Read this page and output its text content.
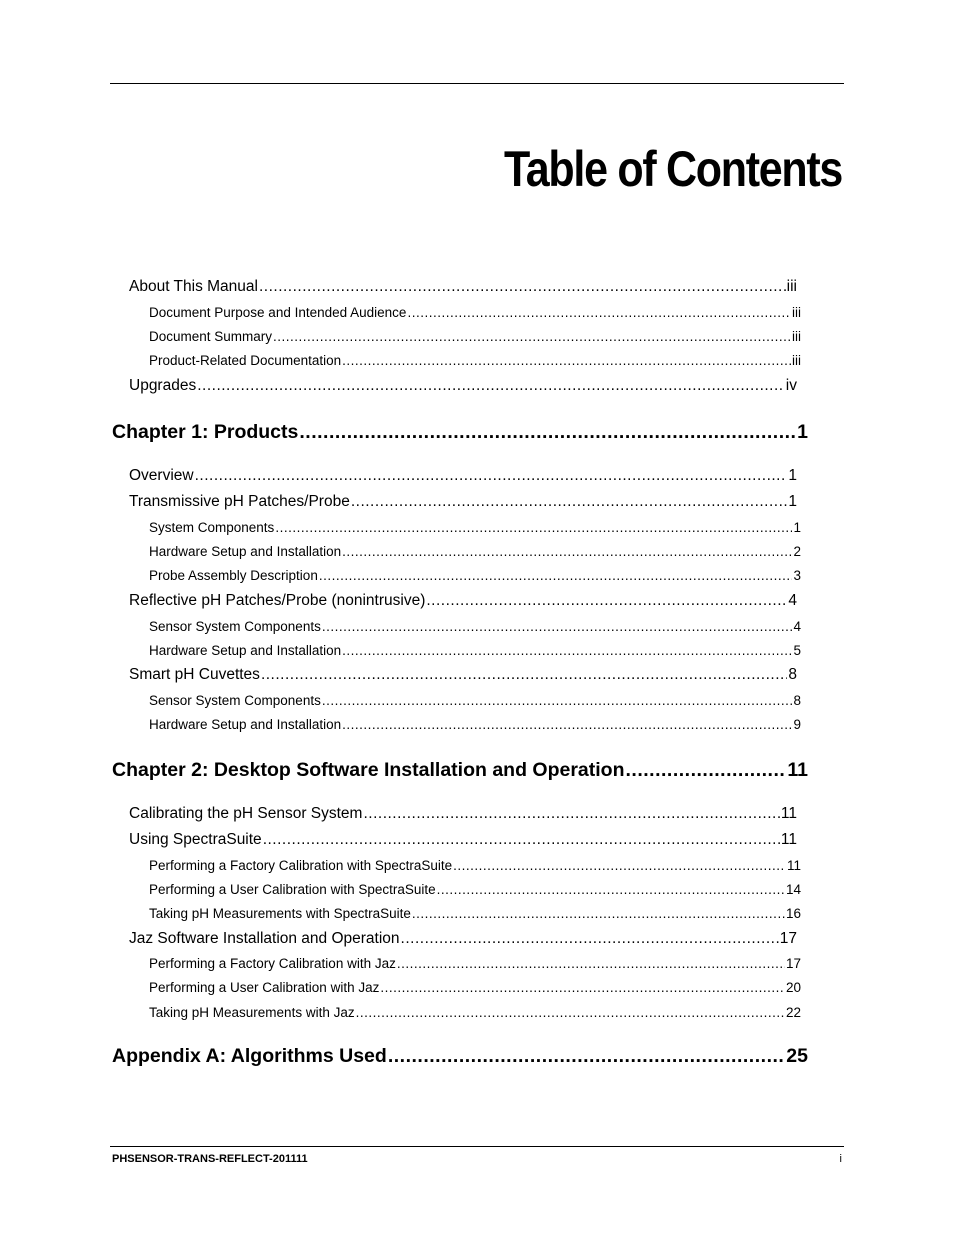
Table of Contents
About This Manual .....	iii
Document Purpose and Intended Audience .....	iii
Document Summary .....	iii
Product-Related Documentation .....	iii
Upgrades .....	iv
Chapter 1: Products .....	1
Overview .....	1
Transmissive pH Patches/Probe .....	1
System Components .....	1
Hardware Setup and Installation .....	2
Probe Assembly Description .....	3
Reflective pH Patches/Probe (nonintrusive) .....	4
Sensor System Components .....	4
Hardware Setup and Installation .....	5
Smart pH Cuvettes .....	8
Sensor System Components .....	8
Hardware Setup and Installation .....	9
Chapter 2: Desktop Software Installation and Operation .....	11
Calibrating the pH Sensor System .....	11
Using SpectraSuite .....	11
Performing a Factory Calibration with SpectraSuite .....	11
Performing a User Calibration with SpectraSuite .....	14
Taking pH Measurements with SpectraSuite .....	16
Jaz Software Installation and Operation .....	17
Performing a Factory Calibration with Jaz .....	17
Performing a User Calibration with Jaz .....	20
Taking pH Measurements with Jaz .....	22
Appendix A: Algorithms Used .....	25
PHSENSOR-TRANS-REFLECT-201111	i
